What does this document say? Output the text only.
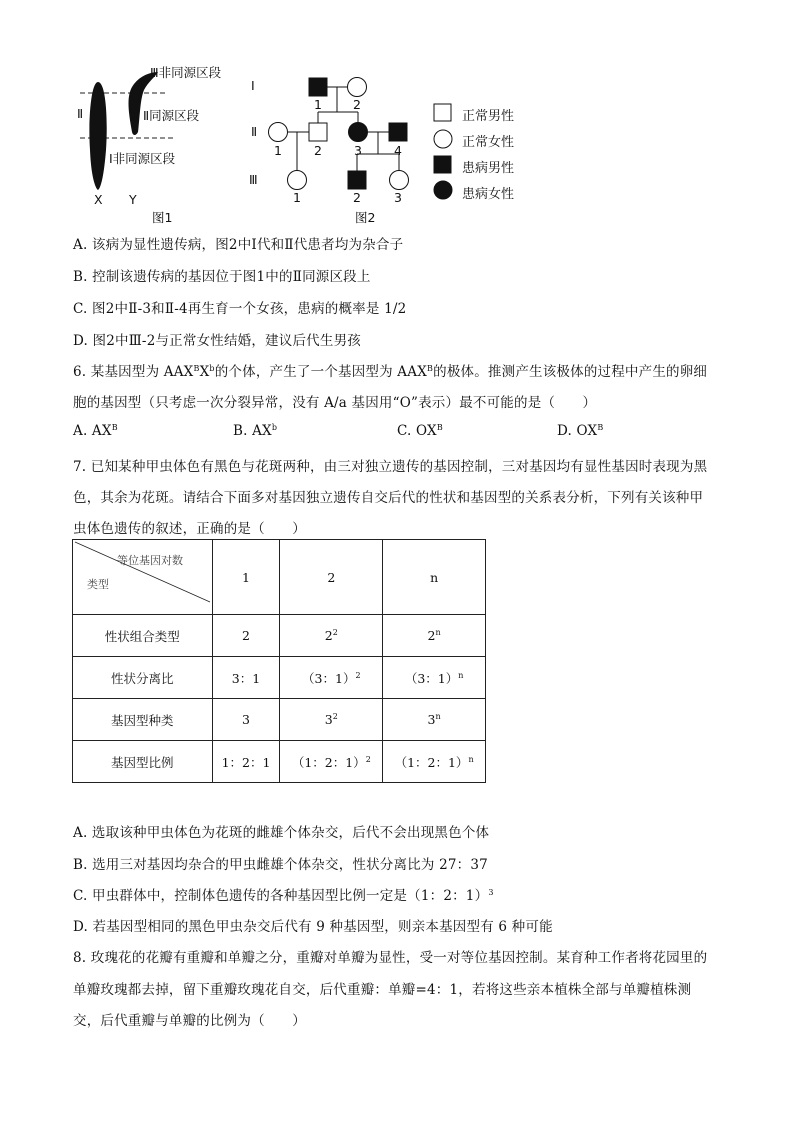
Ⅲ非同源区段
Ⅱ同源区段
Ⅰ非同源区段
Ⅱ
X Y
图1
Ⅰ
Ⅱ
Ⅲ
1 2
1	2	3	4
1	2	3
图2
正常男性
正常女性
患病男性
患病女性
A. 该病为显性遗传病，图2中Ⅰ代和Ⅱ代患者均为杂合子
B. 控制该遗传病的基因位于图1中的Ⅱ同源区段上
C. 图2中Ⅱ-3和Ⅱ-4再生育一个女孩，患病的概率是 1/2
D. 图2中Ⅲ-2与正常女性结婚，建议后代生男孩
6. 某基因型为 $AAX^BX^b$的个体，产生了一个基因型为 $AAX^B$的极体。推测产生该极体的过程中产生的卵细
胞的基因型（只考虑一次分裂异常，没有 A/a 基因用“O”表示）最不可能的是（　　）
A. $AX^B$	B. $AX^b$	C. $OX^B$	D. $OX^B$
7. 已知某种甲虫体色有黑色与花斑两种，由三对独立遗传的基因控制，三对基因均有显性基因时表现为黑
色，其余为花斑。请结合下面多对基因独立遗传自交后代的性状和基因型的关系表分析，下列有关该种甲
虫体色遗传的叙述，正确的是（　　）
等位基因对数
类型	1	2	n
性状组合类型	2	$2^2$	2$^n$
性状分离比	3：1	（3：1）$^2$	（3：1）$^n$
基因型种类	3	$3^2$	3$^n$
基因型比例	1：2：1	（1：2：1）$^2$	（1：2：1）$^n$
A. 选取该种甲虫体色为花斑的雌雄个体杂交，后代不会出现黑色个体
B. 选用三对基因均杂合的甲虫雌雄个体杂交，性状分离比为 27：37
C. 甲虫群体中，控制体色遗传的各种基因型比例一定是（1：2：1）$^3$
D. 若基因型相同的黑色甲虫杂交后代有 9 种基因型，则亲本基因型有 6 种可能
8. 玫瑰花的花瓣有重瓣和单瓣之分，重瓣对单瓣为显性，受一对等位基因控制。某育种工作者将花园里的
单瓣玫瑰都去掉，留下重瓣玫瑰花自交，后代重瓣：单瓣=4：1，若将这些亲本植株全部与单瓣植株测
交，后代重瓣与单瓣的比例为（　　）
